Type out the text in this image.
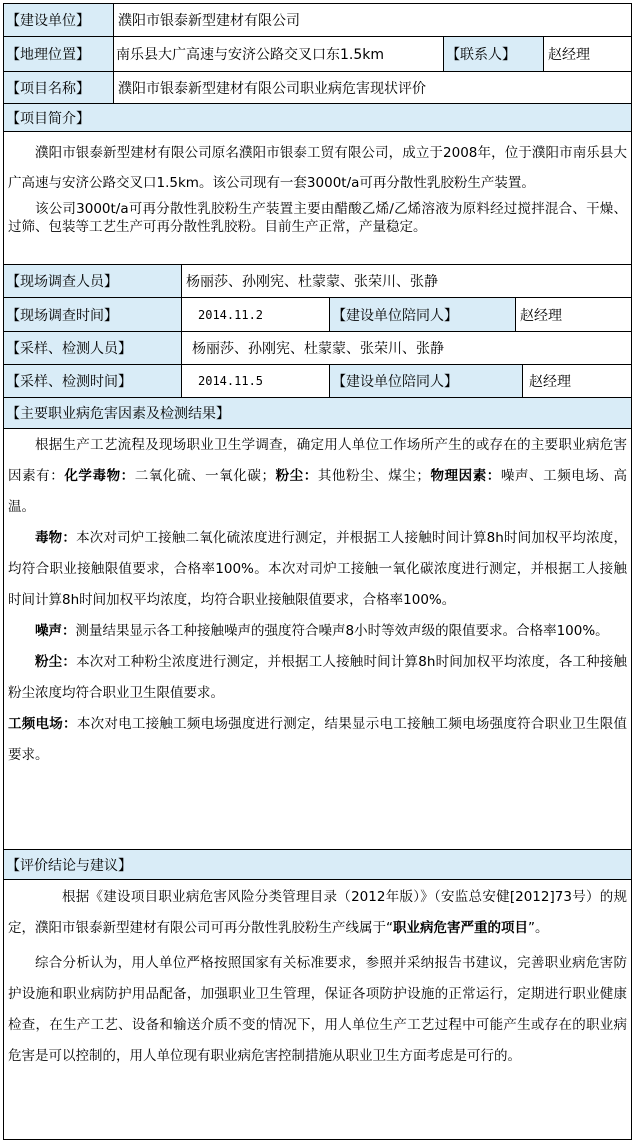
【建设单位】	濮阳市银泰新型建材有限公司
【地理位置】	南乐县大广高速与安济公路交叉口东1.5km	【联系人】	赵经理
【项目名称】	濮阳市银泰新型建材有限公司职业病危害现状评价
【项目简介】

濮阳市银泰新型建材有限公司原名濮阳市银泰工贸有限公司，成立于2008年，位于濮阳市南乐县大广高速与安济公路交叉口1.5km。该公司现有一套3000t/a可再分散性乳胶粉生产装置。

该公司3000t/a可再分散性乳胶粉生产装置主要由醋酸乙烯/乙烯溶液为原料经过搅拌混合、干燥、过筛、包装等工艺生产可再分散性乳胶粉。目前生产正常，产量稳定。

【现场调查人员】	杨丽莎、孙刚宪、杜蒙蒙、张荣川、张静
【现场调查时间】	2014.11.2	【建设单位陪同人】	赵经理
【采样、检测人员】	杨丽莎、孙刚宪、杜蒙蒙、张荣川、张静
【采样、检测时间】	2014.11.5	【建设单位陪同人】	赵经理
【主要职业病危害因素及检测结果】

根据生产工艺流程及现场职业卫生学调查，确定用人单位工作场所产生的或存在的主要职业病危害因素有：化学毒物：二氧化硫、一氧化碳；粉尘：其他粉尘、煤尘；物理因素：噪声、工频电场、高温。

毒物：本次对司炉工接触二氧化硫浓度进行测定，并根据工人接触时间计算8h时间加权平均浓度，均符合职业接触限值要求，合格率100%。本次对司炉工接触一氧化碳浓度进行测定，并根据工人接触时间计算8h时间加权平均浓度，均符合职业接触限值要求，合格率100%。

噪声：测量结果显示各工种接触噪声的强度符合噪声8小时等效声级的限值要求。合格率100%。

粉尘：本次对工种粉尘浓度进行测定，并根据工人接触时间计算8h时间加权平均浓度，各工种接触粉尘浓度均符合职业卫生限值要求。

工频电场：本次对电工接触工频电场强度进行测定，结果显示电工接触工频电场强度符合职业卫生限值要求。

【评价结论与建议】

根据《建设项目职业病危害风险分类管理目录（2012年版）》（安监总安健[2012]73号）的规定，濮阳市银泰新型建材有限公司可再分散性乳胶粉生产线属于“职业病危害严重的项目”。

综合分析认为，用人单位严格按照国家有关标准要求，参照并采纳报告书建议，完善职业病危害防护设施和职业病防护用品配备，加强职业卫生管理，保证各项防护设施的正常运行，定期进行职业健康检查，在生产工艺、设备和输送介质不变的情况下，用人单位生产工艺过程中可能产生或存在的职业病危害是可以控制的，用人单位现有职业病危害控制措施从职业卫生方面考虑是可行的。
